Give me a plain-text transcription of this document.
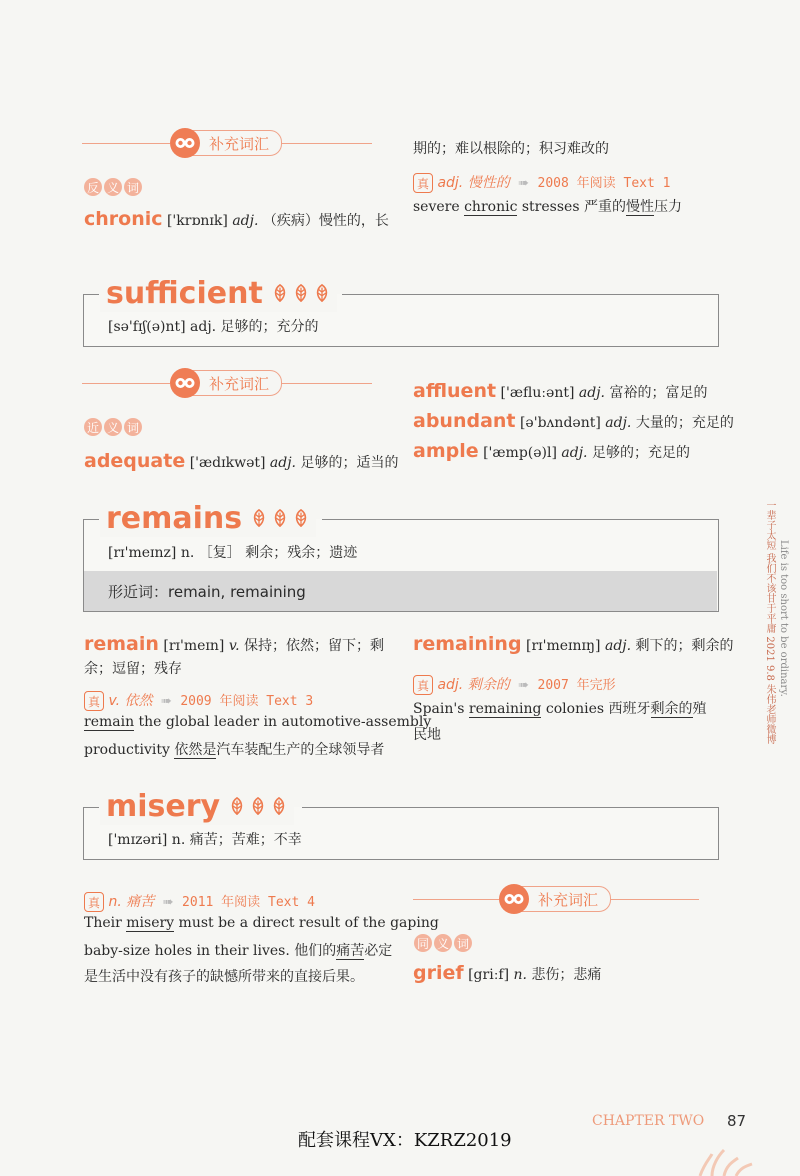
补充词汇
反 义 词
chronic ['krɒnɪk] adj. （疾病）慢性的，长
期的；难以根除的；积习难改的
真 adj. 慢性的 ➠ 2008 年阅读 Text 1
severe chronic stresses 严重的慢性压力
sufficient
[sə'fɪʃ(ə)nt] adj. 足够的；充分的
补充词汇
近 义 词
adequate ['ædɪkwət] adj. 足够的；适当的
affluent ['æfluːənt] adj. 富裕的；富足的
abundant [ə'bʌndənt] adj. 大量的；充足的
ample ['æmp(ə)l] adj. 足够的；充足的
remains
[rɪ'meɪnz] n. ［复］ 剩余；残余；遗迹
形近词：remain, remaining
remain [rɪ'meɪn] v. 保持；依然；留下；剩
余；逗留；残存
真 v. 依然 ➠ 2009 年阅读 Text 3
remain the global leader in automotive-assembly
productivity 依然是汽车装配生产的全球领导者
remaining [rɪ'meɪnɪŋ] adj. 剩下的；剩余的
真 adj. 剩余的 ➠ 2007 年完形
Spain's remaining colonies 西班牙剩余的殖
民地
misery
['mɪzəri] n. 痛苦；苦难；不幸
真 n. 痛苦 ➠ 2011 年阅读 Text 4
Their misery must be a direct result of the gaping
baby-size holes in their lives. 他们的痛苦必定
是生活中没有孩子的缺憾所带来的直接后果。
补充词汇
同 义 词
grief [griːf] n. 悲伤；悲痛
一辈子太短 我们不该甘于平庸 2021 9.8 朱伟老师微博 Life is too short to be ordinary.
CHAPTER TWO 87
配套课程VX：KZRZ2019
